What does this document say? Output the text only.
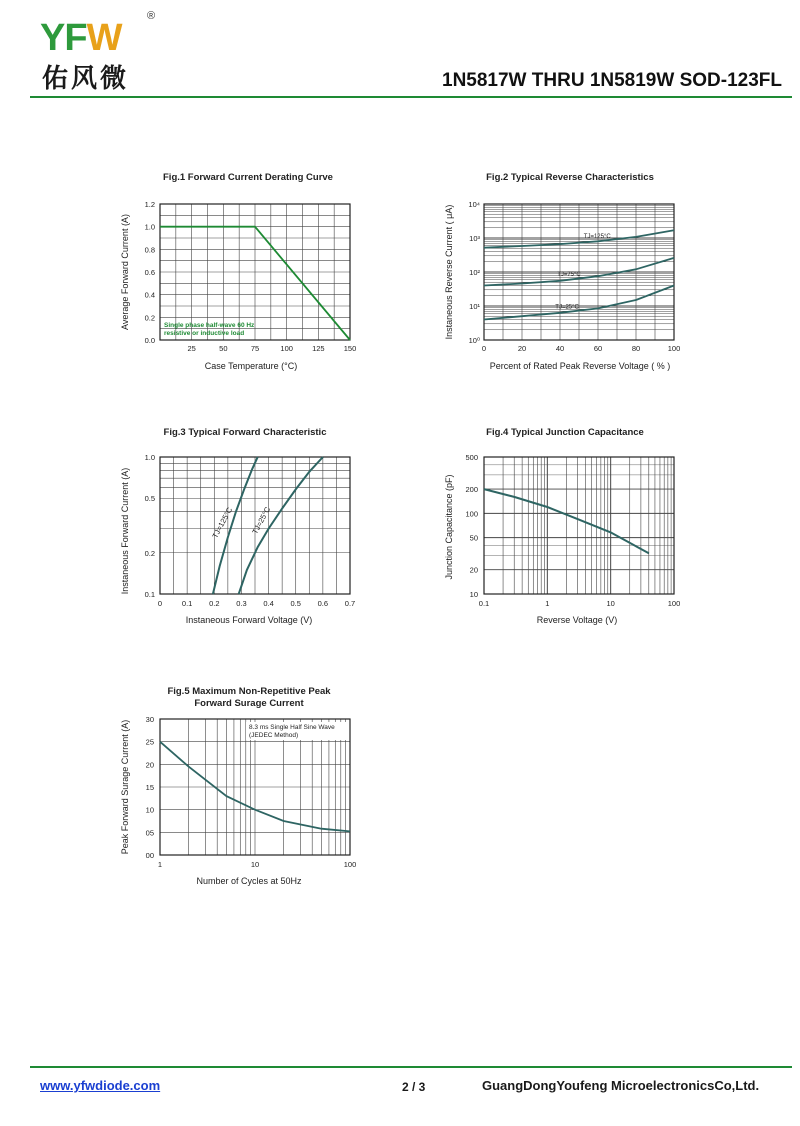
YFW
®
佑风微	1N5817W THRU 1N5819W SOD-123FL
Fig.1 Forward Current Derating Curve
25	50	75	100	125	150
0.0
0.2
0.4
0.6
0.8
1.0
1.2
Case Temperature (°C)
Average Forward Current (A)	Single phase half-wave 60 Hz
resistive or inductive load
Fig.2 Typical Reverse Characteristics
0	20	40	60	80	100
10⁰
10¹
10²
10³
10⁴
Percent of Rated Peak Reverse Voltage ( % )
Instaneous Reverse Current ( μA)	TJ=125°C
TJ=75°C
TJ=25°C
Fig.3 Typical Forward Characteristic
0	0.1 0.2 0.3 0.4 0.5 0.6 0.7
0.1
0.2
0.5
1.0
Instaneous Forward Voltage (V)
Instaneous Forward Current (A)	TJ=125°C TJ=25°C
Fig.4 Typical Junction Capacitance
0.1	1	10	100
10
20
50
100
200
500
Reverse Voltage (V)
Junction Capacitance (pF)
Fig.5 Maximum Non-Repetitive Peak
Forward Surage Current
1	10	100
00
05
10
15
20
25
30
Number of Cycles at 50Hz
Peak Forward Surage Current (A)	8.3 ms Single Half Sine Wave
(JEDEC Method)
www.yfwdiode.com	2 / 3	GuangDongYoufeng MicroelectronicsCo,Ltd.
